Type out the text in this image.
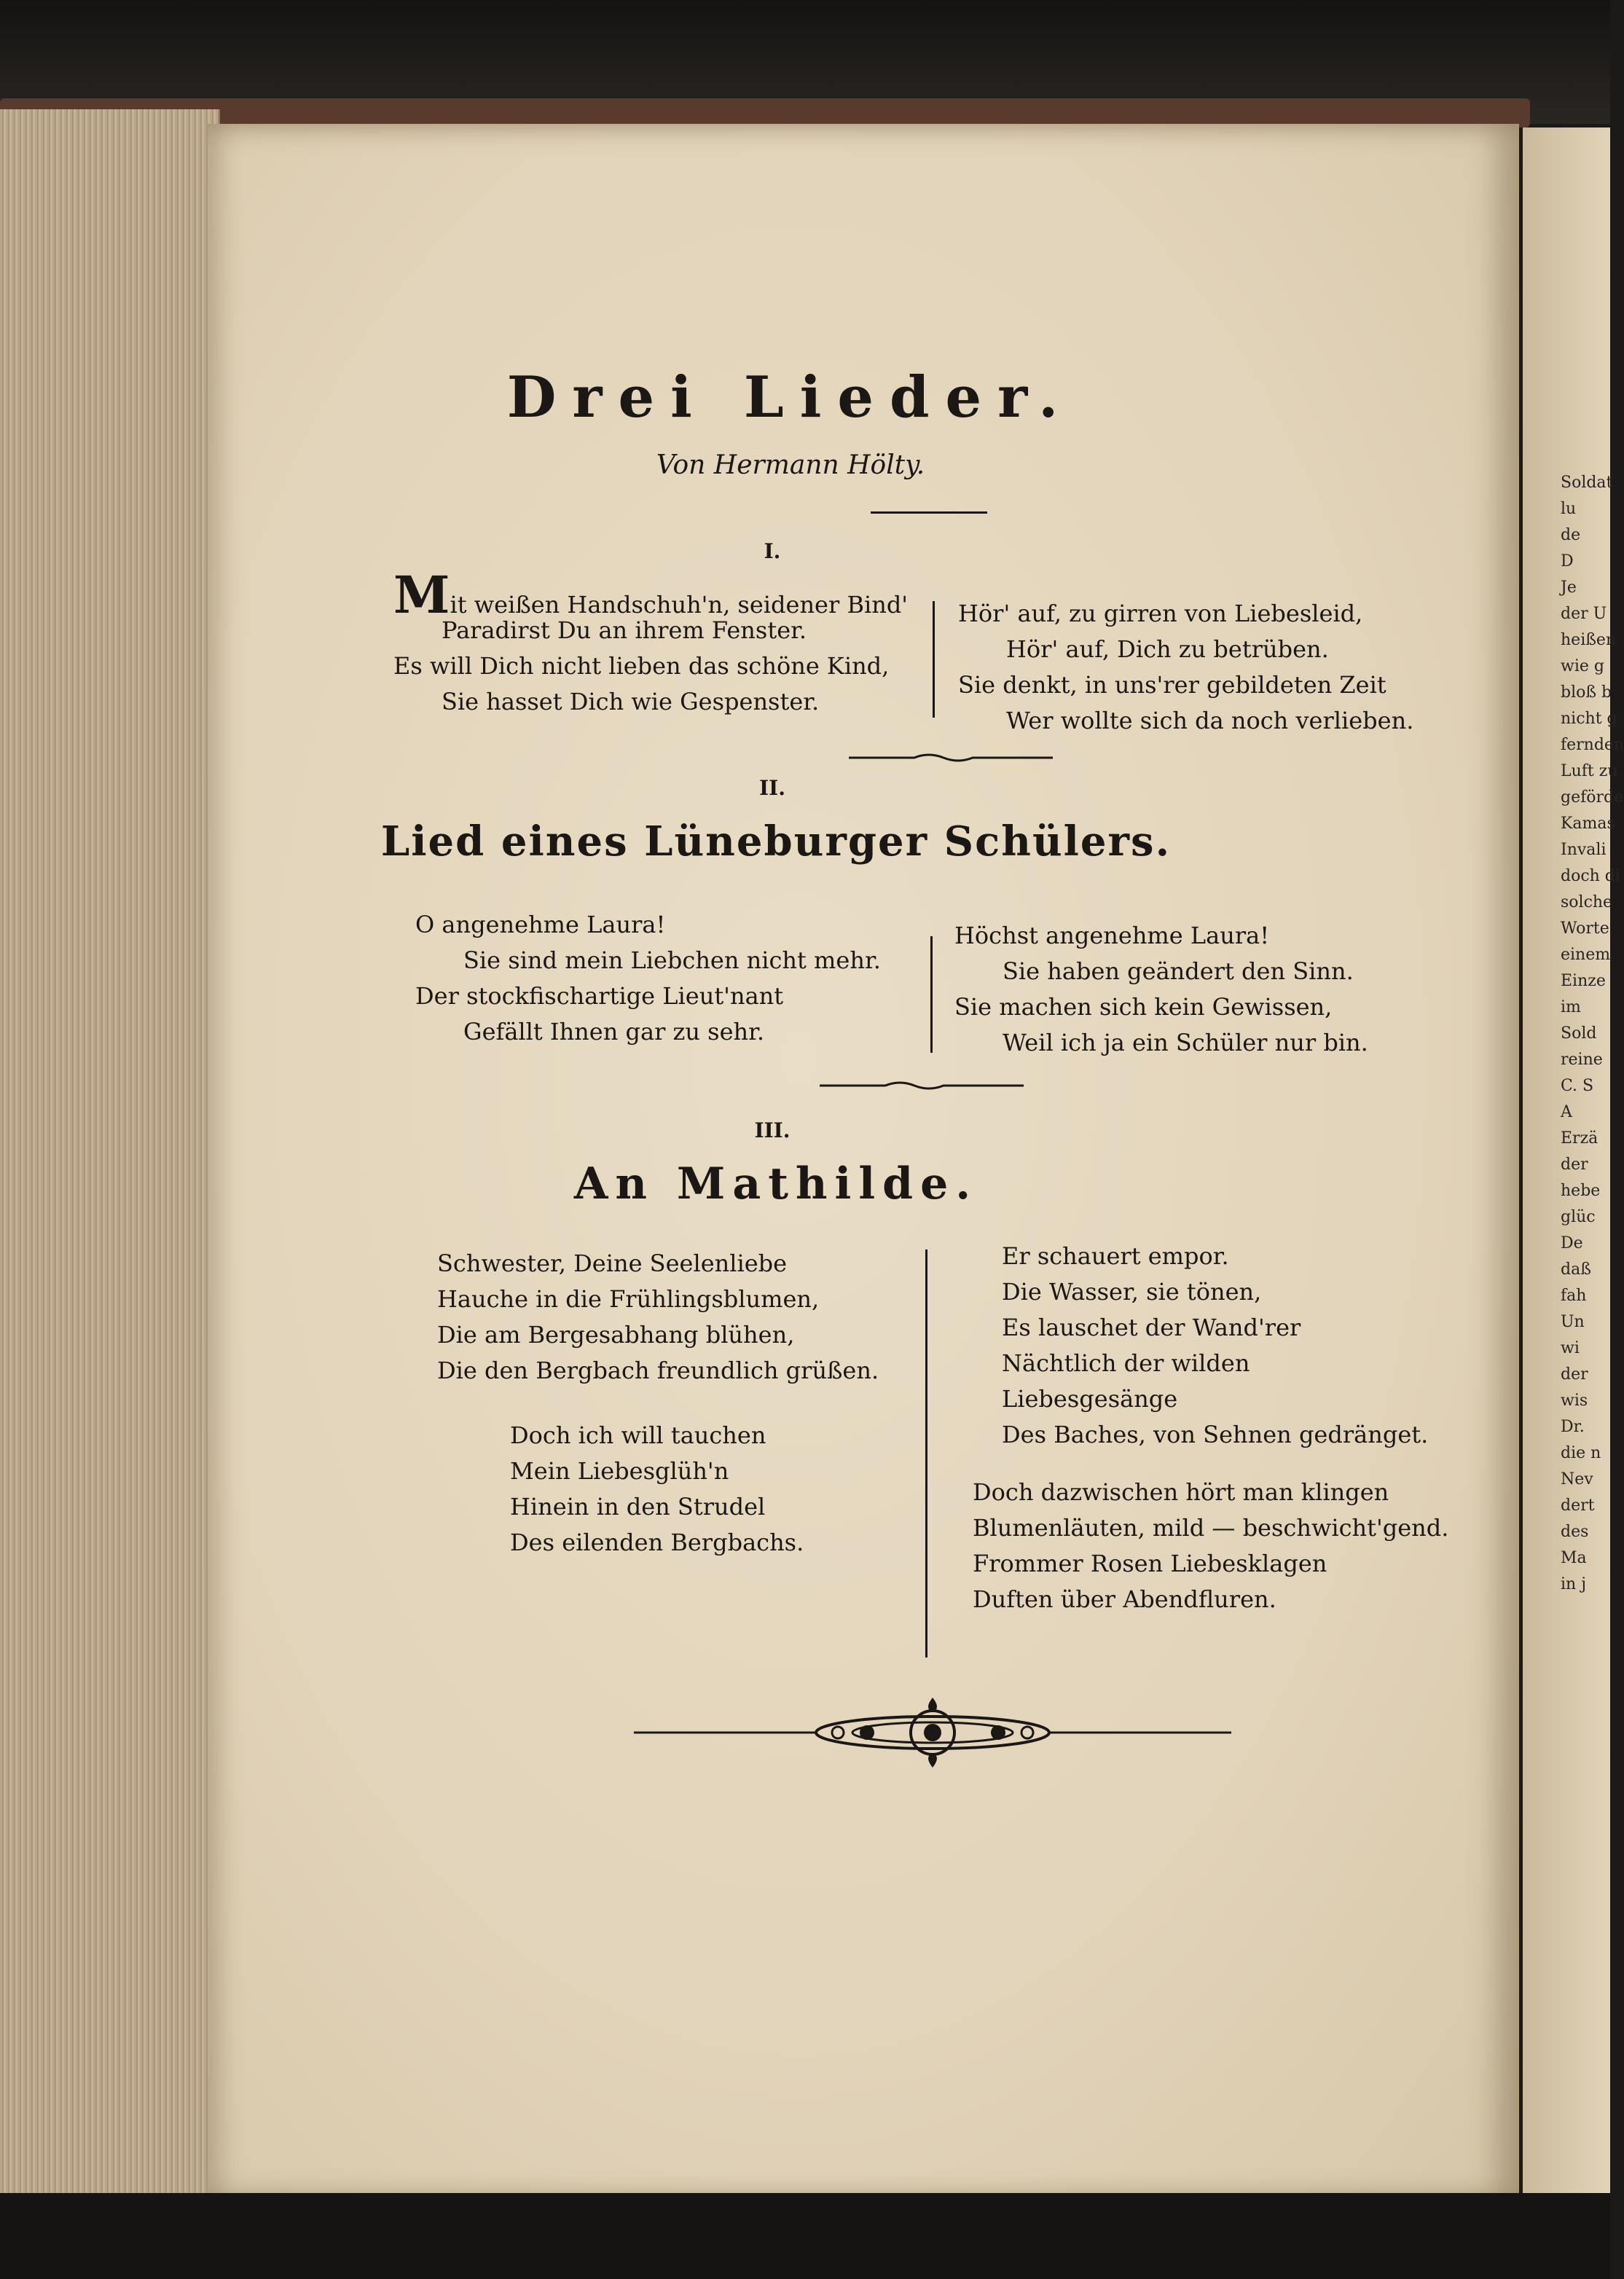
Soldat
lu
de
D
Je
der U
heißen
wie g
bloß b
nicht g
fernden
Luft zu
geförde
Kamas
Invali
doch di
solche
Worte
einem
Einze
im
Sold
reine
C. S
A
Erzä
der
hebe
glüc
De
daß
fah
Un
wi
der
wis
Dr.
die n
Nev
dert
des
Ma
in j
Drei Lieder.
Von Hermann Hölty.
I.
Mit weißen Handschuh'n, seidener Bind'
Paradirst Du an ihrem Fenster.
Es will Dich nicht lieben das schöne Kind,
Sie hasset Dich wie Gespenster.
Hör' auf, zu girren von Liebesleid,
Hör' auf, Dich zu betrüben.
Sie denkt, in uns'rer gebildeten Zeit
Wer wollte sich da noch verlieben.
II.
Lied eines Lüneburger Schülers.
O angenehme Laura!
Sie sind mein Liebchen nicht mehr.
Der stockfischartige Lieut'nant
Gefällt Ihnen gar zu sehr.
Höchst angenehme Laura!
Sie haben geändert den Sinn.
Sie machen sich kein Gewissen,
Weil ich ja ein Schüler nur bin.
III.
An Mathilde.
Schwester, Deine Seelenliebe
Hauche in die Frühlingsblumen,
Die am Bergesabhang blühen,
Die den Bergbach freundlich grüßen.
Doch ich will tauchen
Mein Liebesglüh'n
Hinein in den Strudel
Des eilenden Bergbachs.
Er schauert empor.
Die Wasser, sie tönen,
Es lauschet der Wand'rer
Nächtlich der wilden
Liebesgesänge
Des Baches, von Sehnen gedränget.
Doch dazwischen hört man klingen
Blumenläuten, mild — beschwicht'gend.
Frommer Rosen Liebesklagen
Duften über Abendfluren.
